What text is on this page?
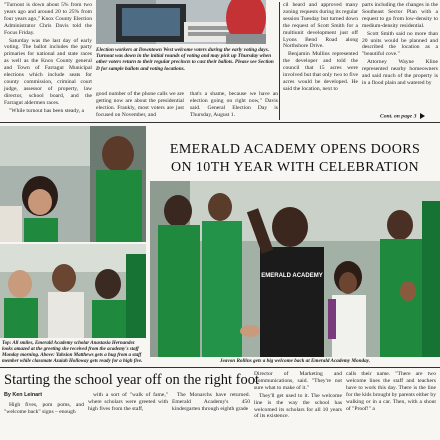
"Turnout is down about 5% from two years ago and around 20 to 25% from four years ago," Knox County Election Administrator Chris Davis told the Focus Friday.

Saturday was the last day of early voting. The ballot includes the party primaries for national and state races as well as the Knox County general and Town of Farragut Municipal elections which include seats for county commission, criminal court judge, assessor of property, law director, school board, and the Farragut aldermen races.

"While turnout has been steady, a

Election workers at Downtown West welcome voters during the early voting days. Turnout was down in the initial rounds of voting and may pick up Thursday when other voters return to their regular precincts to cast their ballots. Please see Section D for sample ballots and voting locations.

good number of the phone calls we are getting now are about the presidential election. Frankly, most voters are just focused on November, and

that's a shame, because we have an election going on right now," Davis said. General Election Day is Thursday, August 1.

cil heard and approved many zoning requests during its regular session Tuesday but turned down the request of Scott Smith for a multiunit development just off Lyons Bend Road along Northshore Drive.

Benjamin Mullins represented the developer and told the council that 15 acres were involved but that only two to five acres would be developed. He said the location, next to

parts including the changes in the Southeast Sector Plan with a request to go from low-density to medium-density residential.

Scott Smith said no more than 20 units would be planned and described the location as a "beautiful cove."

Attorney Wayne Kline represented nearby homeowners and said much of the property is in a flood plain and watered by

Cont. on page 3
Top: All smiles, Emerald Academy scholar Anastasia Hernandez looks amazed at the greeting she received from the academy's staff Monday morning. Above: Yahsion Matthews gets a hug from a staff member while classmate Azaiah Holloway gets ready for a high five.
EMERALD ACADEMY OPENS DOORS
ON 10TH YEAR WITH CELEBRATION
EMERALD ACADEMY
Jeavon Rollins gets a big welcome back at Emerald Academy Monday.
Starting the school year off on the right foot
By Ken Leinart

High fives, pom poms, and "welcome back" signs – enough

with a sort of "walk of fame," where scholars were greeted with high fives from the staff,

The Monarchs have returned. Emerald Academy's 450 kindergarten through eighth grade

Director of Marketing and Communications, said. "They're not sure what to make of it."

They'll get used to it. The welcome line is the way the school has welcomed its scholars for all 10 years of its existence.

calls their name. "There are two welcome lines the staff and teachers have to work this day. There is the line for the kids brought by parents either by walking or in a car. Then, with a shout of "Proof!" a
